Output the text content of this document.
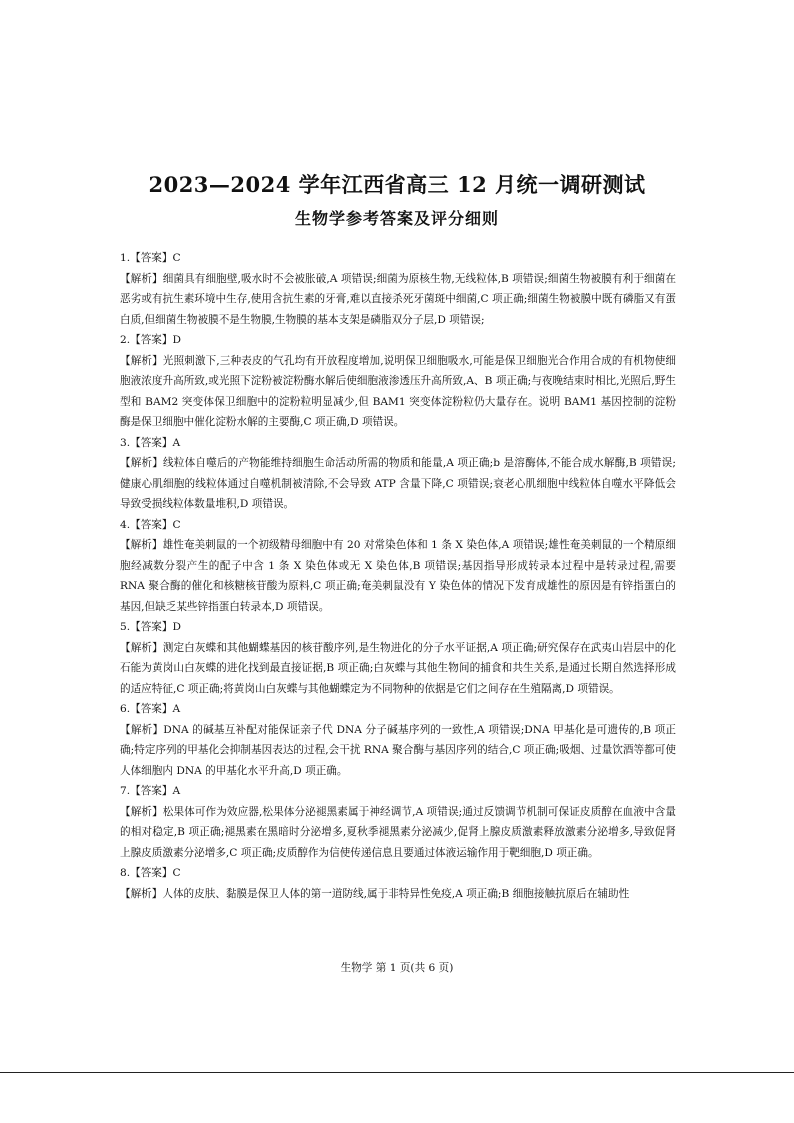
2023—2024 学年江西省高三 12 月统一调研测试
生物学参考答案及评分细则
1.【答案】C
【解析】细菌具有细胞壁,吸水时不会被胀破,A 项错误;细菌为原核生物,无线粒体,B 项错误;细菌生物被膜有利于细菌在恶劣或有抗生素环境中生存,使用含抗生素的牙膏,难以直接杀死牙菌斑中细菌,C 项正确;细菌生物被膜中既有磷脂又有蛋白质,但细菌生物被膜不是生物膜,生物膜的基本支架是磷脂双分子层,D 项错误;
2.【答案】D
【解析】光照刺激下,三种表皮的气孔均有开放程度增加,说明保卫细胞吸水,可能是保卫细胞光合作用合成的有机物使细胞液浓度升高所致,或光照下淀粉被淀粉酶水解后使细胞液渗透压升高所致,A、B 项正确;与夜晚结束时相比,光照后,野生型和 BAM2 突变体保卫细胞中的淀粉粒明显减少,但 BAM1 突变体淀粉粒仍大量存在。说明 BAM1 基因控制的淀粉酶是保卫细胞中催化淀粉水解的主要酶,C 项正确,D 项错误。
3.【答案】A
【解析】线粒体自噬后的产物能维持细胞生命活动所需的物质和能量,A 项正确;b 是溶酶体,不能合成水解酶,B 项错误;健康心肌细胞的线粒体通过自噬机制被清除,不会导致 ATP 含量下降,C 项错误;衰老心肌细胞中线粒体自噬水平降低会导致受损线粒体数量堆积,D 项错误。
4.【答案】C
【解析】雄性奄美刺鼠的一个初级精母细胞中有 20 对常染色体和 1 条 X 染色体,A 项错误;雄性奄美刺鼠的一个精原细胞经减数分裂产生的配子中含 1 条 X 染色体或无 X 染色体,B 项错误;基因指导形成转录本过程中是转录过程,需要 RNA 聚合酶的催化和核糖核苷酸为原料,C 项正确;奄美刺鼠没有 Y 染色体的情况下发育成雄性的原因是有锌指蛋白的基因,但缺乏某些锌指蛋白转录本,D 项错误。
5.【答案】D
【解析】测定白灰蝶和其他蝴蝶基因的核苷酸序列,是生物进化的分子水平证据,A 项正确;研究保存在武夷山岩层中的化石能为黄岗山白灰蝶的进化找到最直接证据,B 项正确;白灰蝶与其他生物间的捕食和共生关系,是通过长期自然选择形成的适应特征,C 项正确;将黄岗山白灰蝶与其他蝴蝶定为不同物种的依据是它们之间存在生殖隔离,D 项错误。
6.【答案】A
【解析】DNA 的碱基互补配对能保证亲子代 DNA 分子碱基序列的一致性,A 项错误;DNA 甲基化是可遗传的,B 项正确;特定序列的甲基化会抑制基因表达的过程,会干扰 RNA 聚合酶与基因序列的结合,C 项正确;吸烟、过量饮酒等都可使人体细胞内 DNA 的甲基化水平升高,D 项正确。
7.【答案】A
【解析】松果体可作为效应器,松果体分泌褪黑素属于神经调节,A 项错误;通过反馈调节机制可保证皮质醇在血液中含量的相对稳定,B 项正确;褪黑素在黑暗时分泌增多,夏秋季褪黑素分泌减少,促肾上腺皮质激素释放激素分泌增多,导致促肾上腺皮质激素分泌增多,C 项正确;皮质醇作为信使传递信息且要通过体液运输作用于靶细胞,D 项正确。
8.【答案】C
【解析】人体的皮肤、黏膜是保卫人体的第一道防线,属于非特异性免疫,A 项正确;B 细胞接触抗原后在辅助性
生物学 第 1 页(共 6 页)
